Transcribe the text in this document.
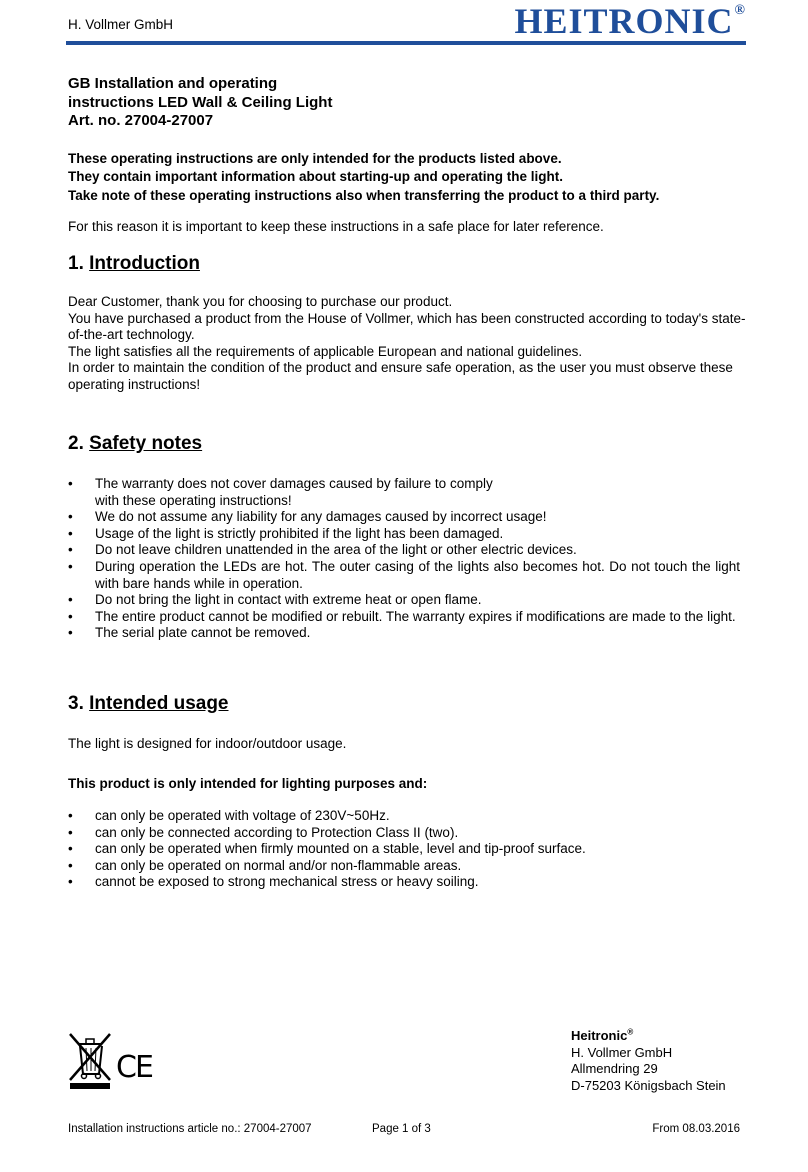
H. Vollmer GmbH	HEITRONIC®
GB Installation and operating
instructions LED Wall & Ceiling Light
Art. no. 27004-27007
These operating instructions are only intended for the products listed above.
They contain important information about starting-up and operating the light.
Take note of these operating instructions also when transferring the product to a third party.
For this reason it is important to keep these instructions in a safe place for later reference.
1. Introduction
Dear Customer, thank you for choosing to purchase our product.
You have purchased a product from the House of Vollmer, which has been constructed according to today's state-of-the-art technology.
The light satisfies all the requirements of applicable European and national guidelines.
In order to maintain the condition of the product and ensure safe operation, as the user you must observe these operating instructions!
2. Safety notes
• The warranty does not cover damages caused by failure to comply with these operating instructions!
• We do not assume any liability for any damages caused by incorrect usage!
• Usage of the light is strictly prohibited if the light has been damaged.
• Do not leave children unattended in the area of the light or other electric devices.
• During operation the LEDs are hot. The outer casing of the lights also becomes hot. Do not touch the light with bare hands while in operation.
• Do not bring the light in contact with extreme heat or open flame.
• The entire product cannot be modified or rebuilt. The warranty expires if modifications are made to the light.
• The serial plate cannot be removed.
3. Intended usage
The light is designed for indoor/outdoor usage.
This product is only intended for lighting purposes and:
• can only be operated with voltage of 230V~50Hz.
• can only be connected according to Protection Class II (two).
• can only be operated when firmly mounted on a stable, level and tip-proof surface.
• can only be operated on normal and/or non-flammable areas.
• cannot be exposed to strong mechanical stress or heavy soiling.
CE
Heitronic®
H. Vollmer GmbH
Allmendring 29
D-75203 Königsbach Stein
Installation instructions article no.: 27004-27007	Page 1 of 3	From 08.03.2016
